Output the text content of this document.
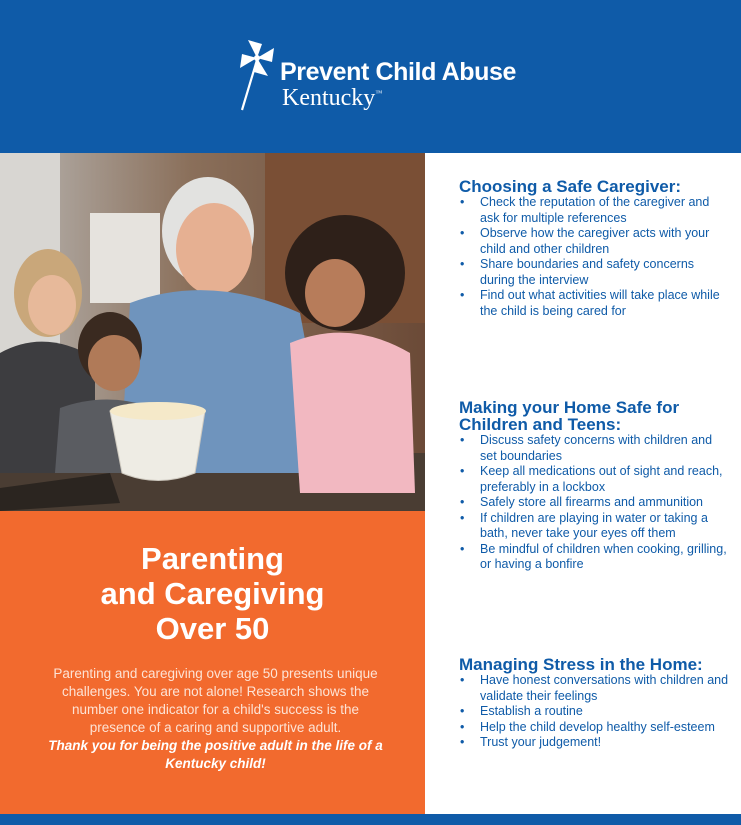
Prevent Child Abuse
Kentucky™
Parenting
and Caregiving
Over 50
Parenting and caregiving over age 50 presents unique challenges. You are not alone! Research shows the number one indicator for a child's success is the presence of a caring and supportive adult.
Thank you for being the positive adult in the life of a Kentucky child!
Choosing a Safe Caregiver:
• Check the reputation of the caregiver and ask for multiple references
• Observe how the caregiver acts with your child and other children
• Share boundaries and safety concerns during the interview
• Find out what activities will take place while the child is being cared for
Making your Home Safe for Children and Teens:
• Discuss safety concerns with children and set boundaries
• Keep all medications out of sight and reach, preferably in a lockbox
• Safely store all firearms and ammunition
• If children are playing in water or taking a bath, never take your eyes off them
• Be mindful of children when cooking, grilling, or having a bonfire
Managing Stress in the Home:
• Have honest conversations with children and validate their feelings
• Establish a routine
• Help the child develop healthy self-esteem
• Trust your judgement!
